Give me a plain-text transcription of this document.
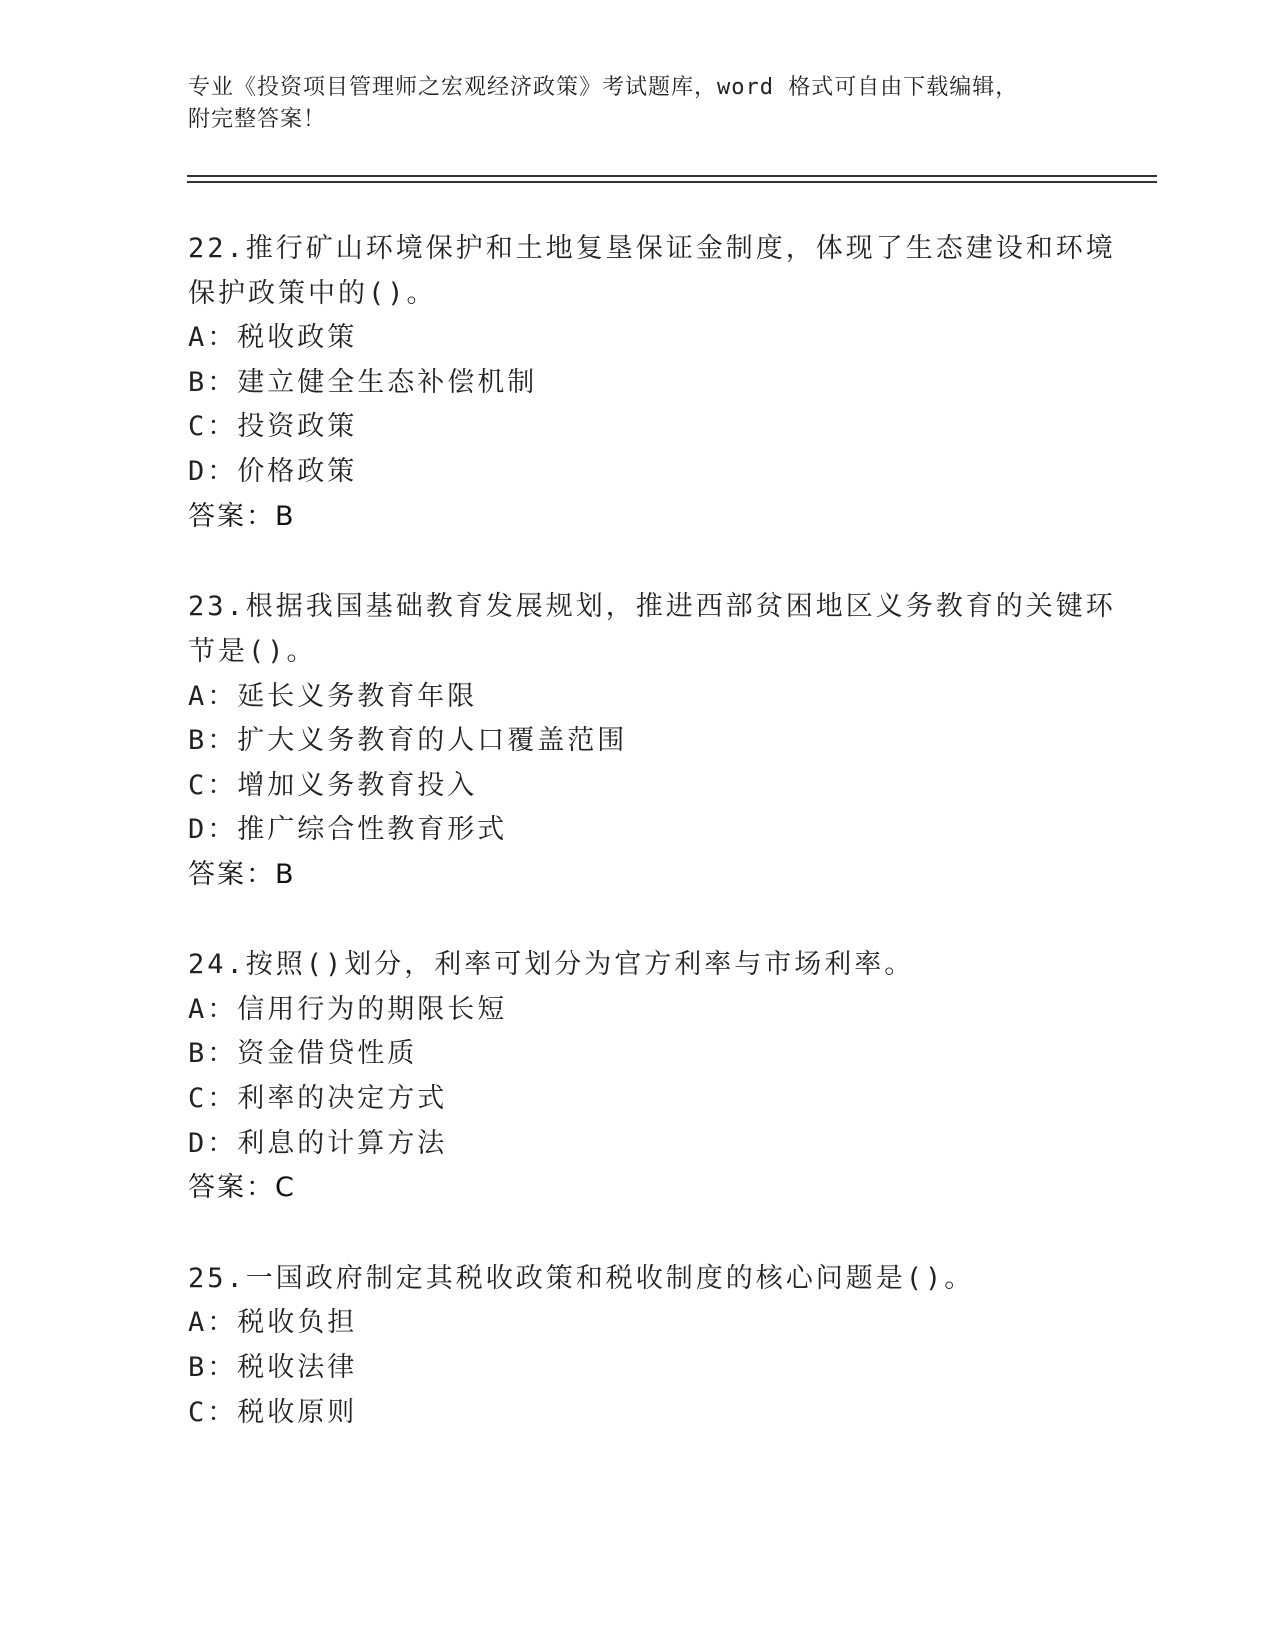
专业《投资项目管理师之宏观经济政策》考试题库，word 格式可自由下载编辑，
附完整答案！
22.推行矿山环境保护和土地复垦保证金制度，体现了生态建设和环境
保护政策中的()。
A：税收政策
B：建立健全生态补偿机制
C：投资政策
D：价格政策
答案：B
23.根据我国基础教育发展规划，推进西部贫困地区义务教育的关键环
节是()。
A：延长义务教育年限
B：扩大义务教育的人口覆盖范围
C：增加义务教育投入
D：推广综合性教育形式
答案：B
24.按照()划分，利率可划分为官方利率与市场利率。
A：信用行为的期限长短
B：资金借贷性质
C：利率的决定方式
D：利息的计算方法
答案：C
25.一国政府制定其税收政策和税收制度的核心问题是()。
A：税收负担
B：税收法律
C：税收原则
